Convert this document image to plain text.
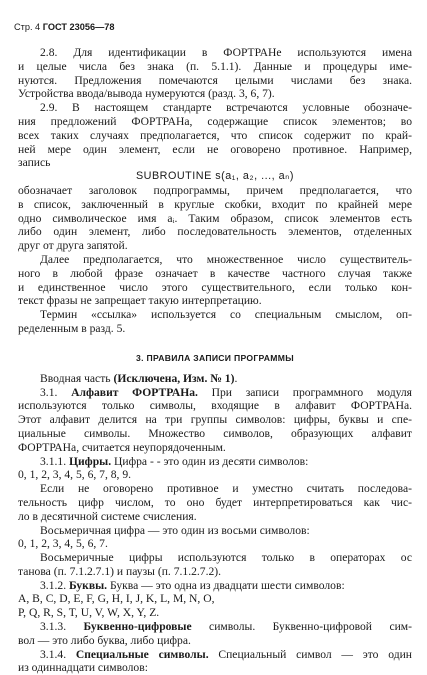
Стр. 4 ГОСТ 23056—78
2.8. Для идентификации в ФОРТРАНе используются имена
и целые числа без знака (п. 5.1.1). Данные и процедуры име-
нуются. Предложения помечаются целыми числами без знака.
Устройства ввода/вывода нумеруются (разд. 3, 6, 7).
2.9. В настоящем стандарте встречаются условные обозначе-
ния предложений ФОРТРАНа, содержащие список элементов; во
всех таких случаях предполагается, что список содержит по край-
ней мере один элемент, если не оговорено противное. Например,
запись
SUBROUTINE s(a₁, a₂, ..., aₙ)
обозначает заголовок подпрограммы, причем предполагается, что
в список, заключенный в круглые скобки, входит по крайней мере
одно символическое имя aᵢ. Таким образом, список элементов есть
либо один элемент, либо последовательность элементов, отделенных
друг от друга запятой.
Далее предполагается, что множественное число существитель-
ного в любой фразе означает в качестве частного случая также
и единственное число этого существительного, если только кон-
текст фразы не запрещает такую интерпретацию.
Термин «ссылка» используется со специальным смыслом, оп-
ределенным в разд. 5.
3. ПРАВИЛА ЗАПИСИ ПРОГРАММЫ
Вводная часть (Исключена, Изм. № 1).
3.1. Алфавит ФОРТРАНа. При записи программного модуля
используются только символы, входящие в алфавит ФОРТРАНа.
Этот алфавит делится на три группы символов: цифры, буквы и спе-
циальные символы. Множество символов, образующих алфавит
ФОРТРАНа, считается неупорядоченным.
3.1.1. Цифры. Цифра - - это один из десяти символов:
0, 1, 2, 3, 4, 5, 6, 7, 8, 9.
Если не оговорено противное и уместно считать последова-
тельность цифр числом, то оно будет интерпретироваться как чис-
ло в десятичной системе счисления.
Восьмеричная цифра — это один из восьми символов:
0, 1, 2, 3, 4, 5, 6, 7.
Восьмеричные цифры используются только в операторах ос
танова (п. 7.1.2.7.1) и паузы (п. 7.1.2.7.2).
3.1.2. Буквы. Буква — это одна из двадцати шести символов:
A, B, C, D, E, F, G, H, I, J, K, L, M, N, O,
P, Q, R, S, T, U, V, W, X, Y, Z.
3.1.3. Буквенно-цифровые символы. Буквенно-цифровой сим-
вол — это либо буква, либо цифра.
3.1.4. Специальные символы. Специальный символ — это один
из одиннадцати символов:
